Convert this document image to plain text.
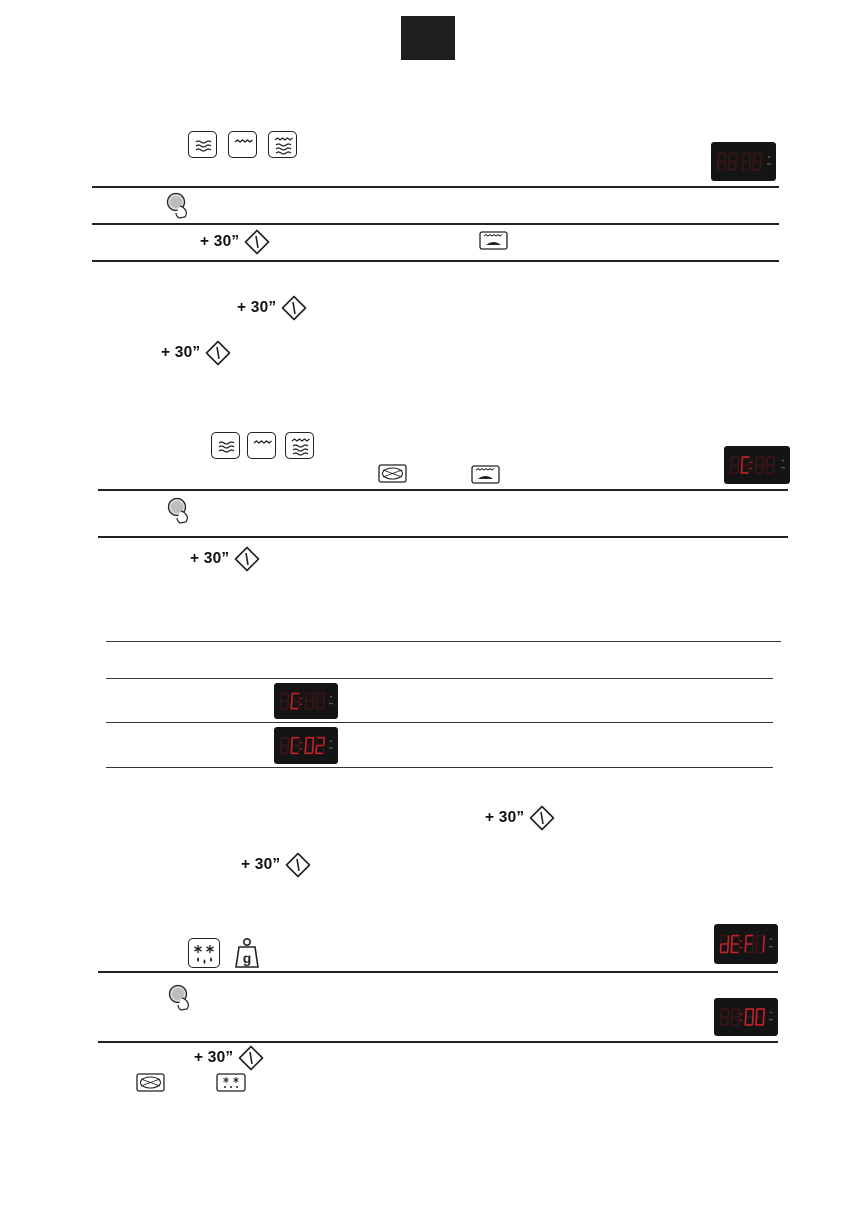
+ 30”
+ 30”
+ 30”
+ 30”
+ 30”
+ 30”
g
+ 30”
